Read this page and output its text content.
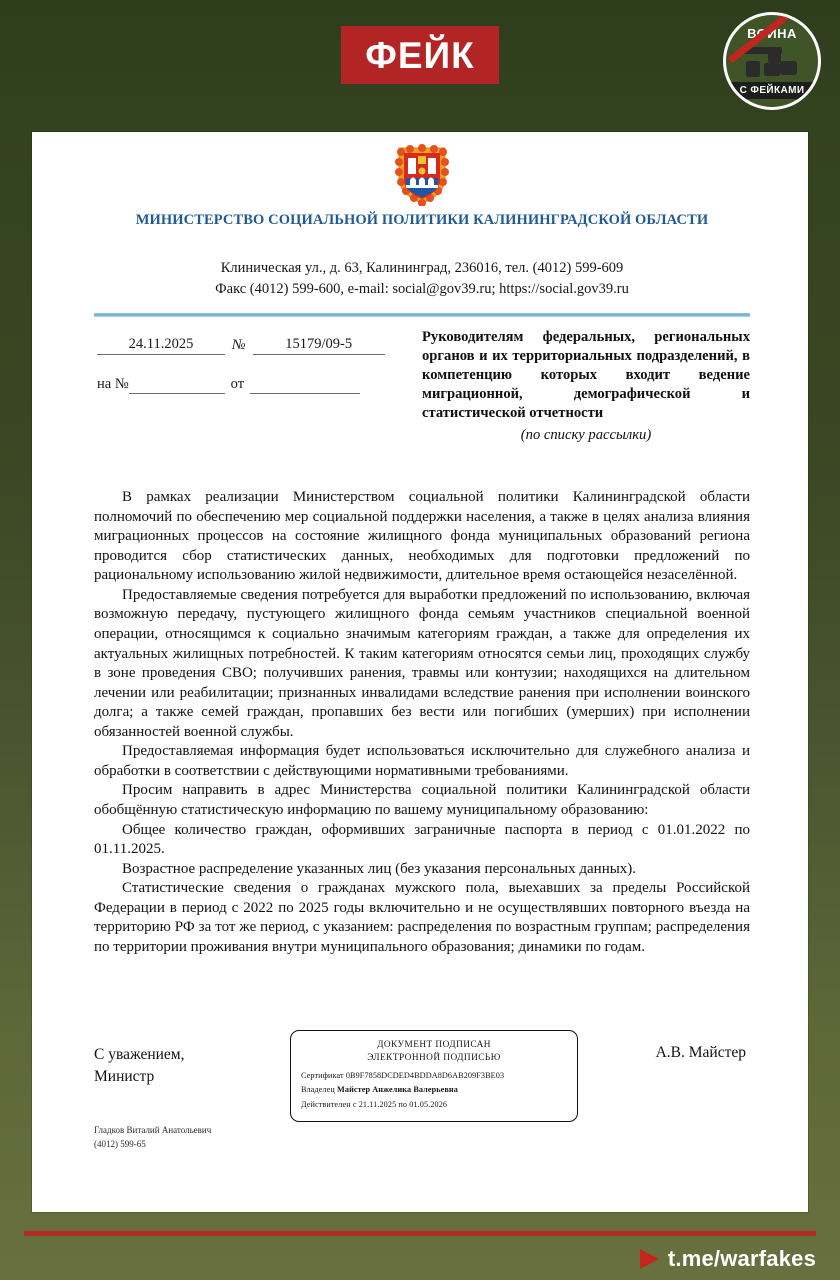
ФЕЙК
ВОЙНА
С ФЕЙКАМИ
МИНИСТЕРСТВО СОЦИАЛЬНОЙ ПОЛИТИКИ КАЛИНИНГРАДСКОЙ ОБЛАСТИ
Клиническая ул., д. 63, Калининград, 236016, тел. (4012) 599-609
Факс (4012) 599-600, e-mail: social@gov39.ru; https://social.gov39.ru
24.11.2025	№	15179/09-5
на №	от
Руководителям федеральных, региональных органов и их территориальных подразделений, в компетенцию которых входит ведение миграционной, демографической и статистической отчетности
(по списку рассылки)

В рамках реализации Министерством социальной политики Калининградской области полномочий по обеспечению мер социальной поддержки населения, а также в целях анализа влияния миграционных процессов на состояние жилищного фонда муниципальных образований региона проводится сбор статистических данных, необходимых для подготовки предложений по рациональному использованию жилой недвижимости, длительное время остающейся незаселённой.

Предоставляемые сведения потребуется для выработки предложений по использованию, включая возможную передачу, пустующего жилищного фонда семьям участников специальной военной операции, относящимся к социально значимым категориям граждан, а также для определения их актуальных жилищных потребностей. К таким категориям относятся семьи лиц, проходящих службу в зоне проведения СВО; получивших ранения, травмы или контузии; находящихся на длительном лечении или реабилитации; признанных инвалидами вследствие ранения при исполнении воинского долга; а также семей граждан, пропавших без вести или погибших (умерших) при исполнении обязанностей военной службы.

Предоставляемая информация будет использоваться исключительно для служебного анализа и обработки в соответствии с действующими нормативными требованиями.

Просим направить в адрес Министерства социальной политики Калининградской области обобщённую статистическую информацию по вашему муниципальному образованию:

Общее количество граждан, оформивших заграничные паспорта в период с 01.01.2022 по 01.11.2025.

Возрастное распределение указанных лиц (без указания персональных данных).

Статистические сведения о гражданах мужского пола, выехавших за пределы Российской Федерации в период с 2022 по 2025 годы включительно и не осуществлявших повторного въезда на территорию РФ за тот же период, с указанием: распределения по возрастным группам; распределения по территории проживания внутри муниципального образования; динамики по годам.

С уважением,
Министр
Гладков Виталий Анатольевич
(4012) 599-65
А.В. Майстер
ДОКУМЕНТ ПОДПИСАН
ЭЛЕКТРОННОЙ ПОДПИСЬЮ
Сертификат 0B9F7858DCDED4BDDA8D6AB209F3BE03
Владелец Майстер Анжелика Валерьевна
Действителен с 21.11.2025 по 01.05.2026
t.me/warfakes
